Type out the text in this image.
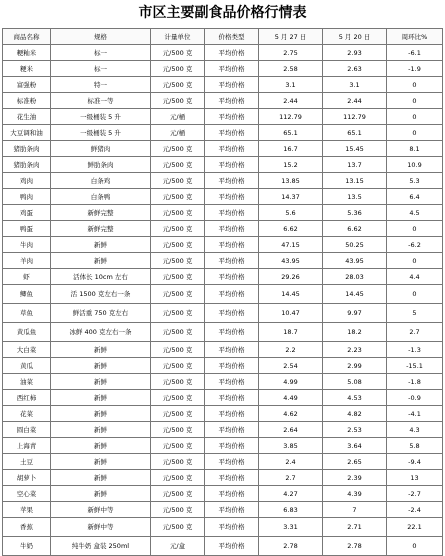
市区主要副食品价格行情表
商品名称	规格	计量单位	价格类型	5 月 27 日	5 月 20 日	周环比%
粳籼米	标一	元/500 克	平均价格	2.75	2.93	-6.1
粳米	标一	元/500 克	平均价格	2.58	2.63	-1.9
富强粉	特一	元/500 克	平均价格	3.1	3.1	0
标准粉	标准一等	元/500 克	平均价格	2.44	2.44	0
花生油	一级桶装 5 升	元/桶	平均价格	112.79	112.79	0
大豆调和油	一级桶装 5 升	元/桶	平均价格	65.1	65.1	0
猪肋条肉	鲜猪肉	元/500 克	平均价格	16.7	15.45	8.1
猪肋条肉	鲜肋条肉	元/500 克	平均价格	15.2	13.7	10.9
鸡肉	白条鸡	元/500 克	平均价格	13.85	13.15	5.3
鸭肉	白条鸭	元/500 克	平均价格	14.37	13.5	6.4
鸡蛋	新鲜完整	元/500 克	平均价格	5.6	5.36	4.5
鸭蛋	新鲜完整	元/500 克	平均价格	6.62	6.62	0
牛肉	新鲜	元/500 克	平均价格	47.15	50.25	-6.2
羊肉	新鲜	元/500 克	平均价格	43.95	43.95	0
虾	活体长 10cm 左右	元/500 克	平均价格	29.26	28.03	4.4
鲫鱼	活 1500 克左右一条	元/500 克	平均价格	14.45	14.45	0
草鱼	鲜活重 750 克左右	元/500 克	平均价格	10.47	9.97	5
黄瓜鱼	冰鲜 400 克左右一条	元/500 克	平均价格	18.7	18.2	2.7
大白菜	新鲜	元/500 克	平均价格	2.2	2.23	-1.3
黄瓜	新鲜	元/500 克	平均价格	2.54	2.99	-15.1
油菜	新鲜	元/500 克	平均价格	4.99	5.08	-1.8
西红柿	新鲜	元/500 克	平均价格	4.49	4.53	-0.9
花菜	新鲜	元/500 克	平均价格	4.62	4.82	-4.1
圆白菜	新鲜	元/500 克	平均价格	2.64	2.53	4.3
上海青	新鲜	元/500 克	平均价格	3.85	3.64	5.8
土豆	新鲜	元/500 克	平均价格	2.4	2.65	-9.4
胡萝卜	新鲜	元/500 克	平均价格	2.7	2.39	13
空心菜	新鲜	元/500 克	平均价格	4.27	4.39	-2.7
苹果	新鲜中等	元/500 克	平均价格	6.83	7	-2.4
香蕉	新鲜中等	元/500 克	平均价格	3.31	2.71	22.1
牛奶	纯牛奶 盒装 250ml	元/盒	平均价格	2.78	2.78	0
